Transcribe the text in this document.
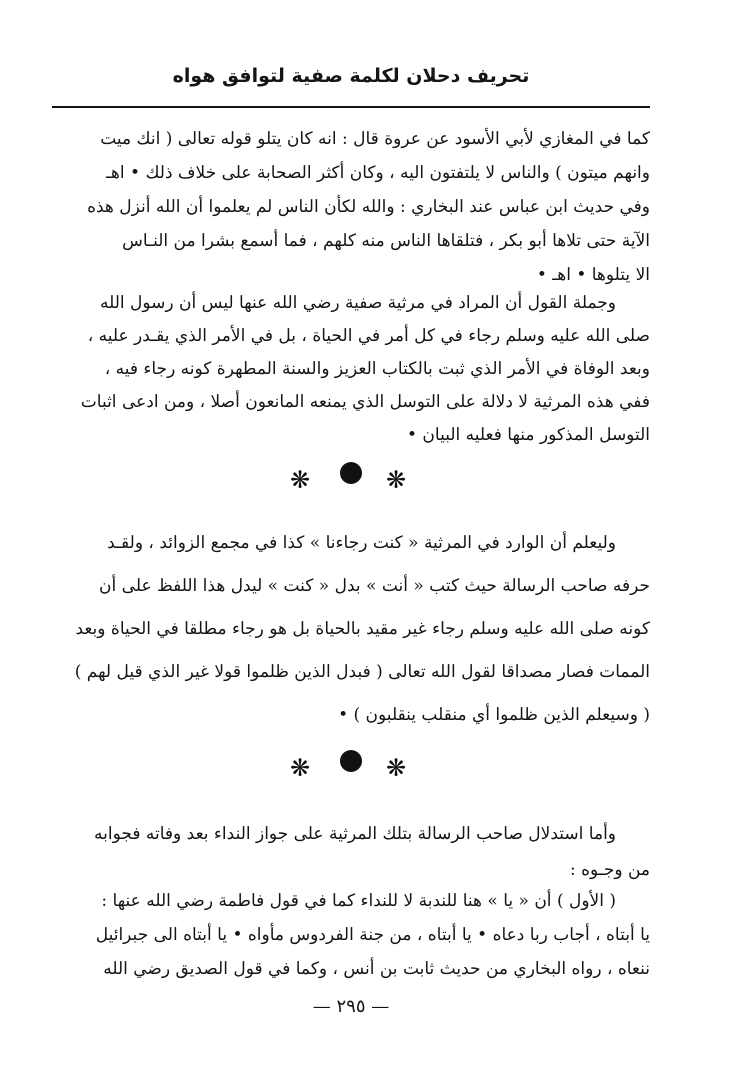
تحريف دحلان لكلمة صفية لتوافق هواه
كما في المغازي لأبي الأسود عن عروة قال : انه كان يتلو قوله تعالى ( انك ميت
وانهم ميتون ) والناس لا يلتفتون اليه ، وكان أكثر الصحابة على خلاف ذلك • اهـ
وفي حديث ابن عباس عند البخاري : والله لكأن الناس لم يعلموا أن الله أنزل هذه
الآية حتى تلاها أبو بكر ، فتلقاها الناس منه كلهم ، فما أسمع بشرا من النـاس
الا يتلوها • اهـ •
وجملة القول أن المراد في مرثية صفية رضي الله عنها ليس أن رسول الله
صلى الله عليه وسلم رجاء في كل أمر في الحياة ، بل في الأمر الذي يقـدر عليه ،
وبعد الوفاة في الأمر الذي ثبت بالكتاب العزيز والسنة المطهرة كونه رجاء فيه ،
ففي هذه المرثية لا دلالة على التوسل الذي يمنعه المانعون أصلا ، ومن ادعى اثبات
التوسل المذكور منها فعليه البيان •
❋	❋
وليعلم أن الوارد في المرثية « كنت رجاءنا » كذا في مجمع الزوائد ، ولقـد
حرفه صاحب الرسالة حيث كتب « أنت » بدل « كنت » ليدل هذا اللفظ على أن
كونه صلى الله عليه وسلم رجاء غير مقيد بالحياة بل هو رجاء مطلقا في الحياة وبعد
الممات فصار مصداقا لقول الله تعالى ( فبدل الذين ظلموا قولا غير الذي قيل لهم )
( وسيعلم الذين ظلموا أي منقلب ينقلبون ) •
❋	❋
وأما استدلال صاحب الرسالة بتلك المرثية على جواز النداء بعد وفاته فجوابه
من وجـوه :
( الأول ) أن « يا » هنا للندبة لا للنداء كما في قول فاطمة رضي الله عنها :
يا أبتاه ، أجاب ربا دعاه • يا أبتاه ، من جنة الفردوس مأواه • يا أبتاه الى جبرائيل
ننعاه ، رواه البخاري من حديث ثابت بن أنس ، وكما في قول الصديق رضي الله
— ٢٩٥ —
